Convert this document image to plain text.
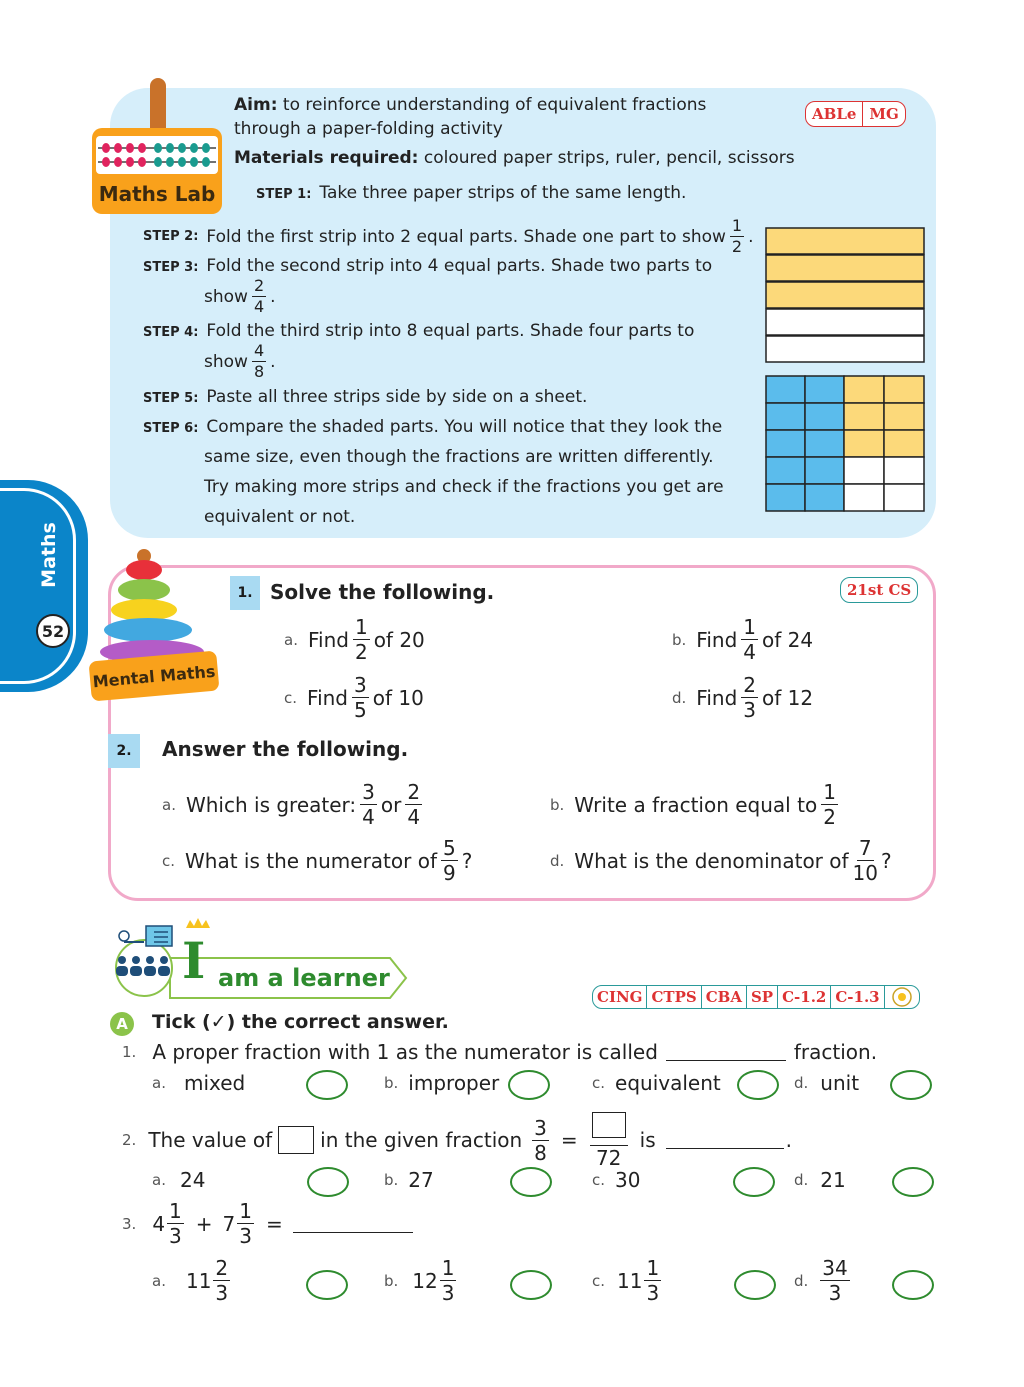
Maths Lab
Aim: to reinforce understanding of equivalent fractions
through a paper-folding activity
Materials required: coloured paper strips, ruler, pencil, scissors
ABLe MG
STEP 1: Take three paper strips of the same length.
STEP 2: Fold the first strip into 2 equal parts. Shade one part to show $\frac{1}{2}$ .
STEP 3: Fold the second strip into 4 equal parts. Shade two parts to
show $\frac{2}{4}$ .
STEP 4: Fold the third strip into 8 equal parts. Shade four parts to
show $\frac{4}{8}$ .
STEP 5: Paste all three strips side by side on a sheet.
STEP 6: Compare the shaded parts. You will notice that they look the
same size, even though the fractions are written differently.
Try making more strips and check if the fractions you get are
equivalent or not.
Maths
52
Mental Maths
1. Solve the following.	21st CS
a. Find $\frac{1}{2}$ of 20	b. Find $\frac{1}{4}$ of 24
c. Find $\frac{3}{5}$ of 10	d. Find $\frac{2}{3}$ of 12
2.	Answer the following.
a. Which is greater: $\frac{3}{4}$ or $\frac{2}{4}$	b. Write a fraction equal to $\frac{1}{2}$
c. What is the numerator of $\frac{5}{9}$ ?	d. What is the denominator of $\frac{7}{10}$ ?
I am a learner
CING CTPS CBA SP C-1.2 C-1.3
A	Tick (✓) the correct answer.
1. A proper fraction with 1 as the numerator is called	fraction.
a. mixed	b. improper	c. equivalent	d. unit
2. The value of in the given fraction $\frac{3}{8}$ =
72
is	.
a. 24	b. 27	c. 30	d. 21
3. $4 \frac{1}{3} + 7 \frac{1}{3}$ =
a. $11 \frac{2}{3}$	b. $12 \frac{1}{3}$	c. $11 \frac{1}{3}$	d. $\frac{34}{3}$
